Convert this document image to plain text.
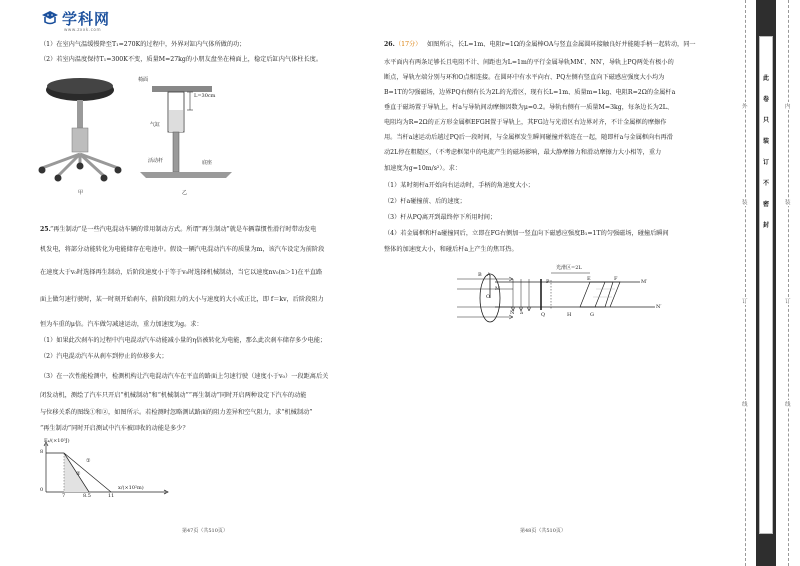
学科网
www.zxxk.com
（1）在室内气温缓慢降至T₁=270K的过程中，外界对缸内气体所做的功；
（2）若室内温度保持T₁=300K不变，质量M=27kg的小朋友盘坐在椅面上，稳定后缸内气体柱长度。
甲
椅面
L=30cm
气缸
活动杆	底座
乙
25. “再生制动”是一些汽电混动车辆的常用制动方式。所谓“再生制动”就是车辆靠惯性滑行时带动发电
机发电，将部分动能转化为电能储存在电池中。假设一辆汽电混动汽车的质量为m，该汽车设定为前阶段
在速度大于v₀时选择再生制动，后阶段速度小于等于v₀时选择机械制动，当它以速度nv₀(n＞1)在平直路
面上做匀速行驶时，某一时刻开始刹车，前阶段阻力的大小与速度的大小成正比，即 f＝kv，后阶段阻力
恒为车重的μ倍。汽车做匀减速运动，重力加速度为g。求：
（1）如果此次刹车的过程中汽电混动汽车动能减小量的η倍被转化为电能，那么此次刹车储存多少电能；
（2）汽电混动汽车从刹车到停止的位移多大；
（3）在一次性能检测中，检测机构让汽电混动汽车在平直的路面上匀速行驶（速度小于v₀）一段距离后关
闭发动机，测绘了汽车只开启“机械制动”和“机械制动”“再生制动”同时开启两种设定下汽车的动能
与位移关系的图线①和②，如图所示。若检测时忽略测试路面的阻力差异和空气阻力，求“机械制动”
“再生制动”同时开启测试中汽车被回收的动能是多少？
Eₖ/(×10⁵J)
8
0
7	8.5	11
x/(×10²m)
①
②
第47页（共510页）
26. （17分） 如图所示，长L=1m、电阻r=1Ω的金属棒OA与竖直金属圆环接触良好并能随手柄一起转动，同一
水平面内有两条足够长且电阻不计、间距也为L=1m的平行金属导轨MM′、NN′，导轨上PQ两处有极小的
断点，导轨左端分别与环和O点相连接。在圆环中有水平向右、PQ左侧有竖直向下磁感应强度大小均为
B=1T的匀强磁场，边界PQ右侧有长为2L的光滑区，现有长L=1m、质量m=1kg、电阻R=2Ω的金属杆a
垂直于磁场置于导轨上，杆a与导轨间动摩擦因数为μ=0.2。导轨右侧有一质量M=3kg，每条边长为2L、
电阻均为R=2Ω的正方形金属框EFGH置于导轨上，其FG边与光滑区右边界对齐，不计金属框的摩擦作
用。当杆a速运动后越过PQ后一段时间，与金属框发生瞬间碰撞并粘连在一起，随即杆a与金属框向右再滑
动2L停在粗糙区，（不考虑框架中的电流产生的磁场影响，最大静摩擦力和滑动摩擦力大小相等，重力
加速度为g=10m/s²）。求：
（1）某时刻杆a开始向右运动时，手柄的角速度大小；
（2）杆a碰撞前、后的速度；
（3）杆从PQ离开到最终停下所用时间；
（4）若金属框和杆a碰撞同后，立即在FG右侧加一竖直向下磁感应强度B₁=1T的匀强磁场，碰撞后瞬间
整体的加速度大小，和碰后杆a上产生的焦耳热。
B A
O
M
N a
P
Q
光滑区=2L
E	F
H	G
M′
N′
第48页（共510页）
外
装
订
线
此
卷
只
装
订
不
密
封
内
装
订
线
